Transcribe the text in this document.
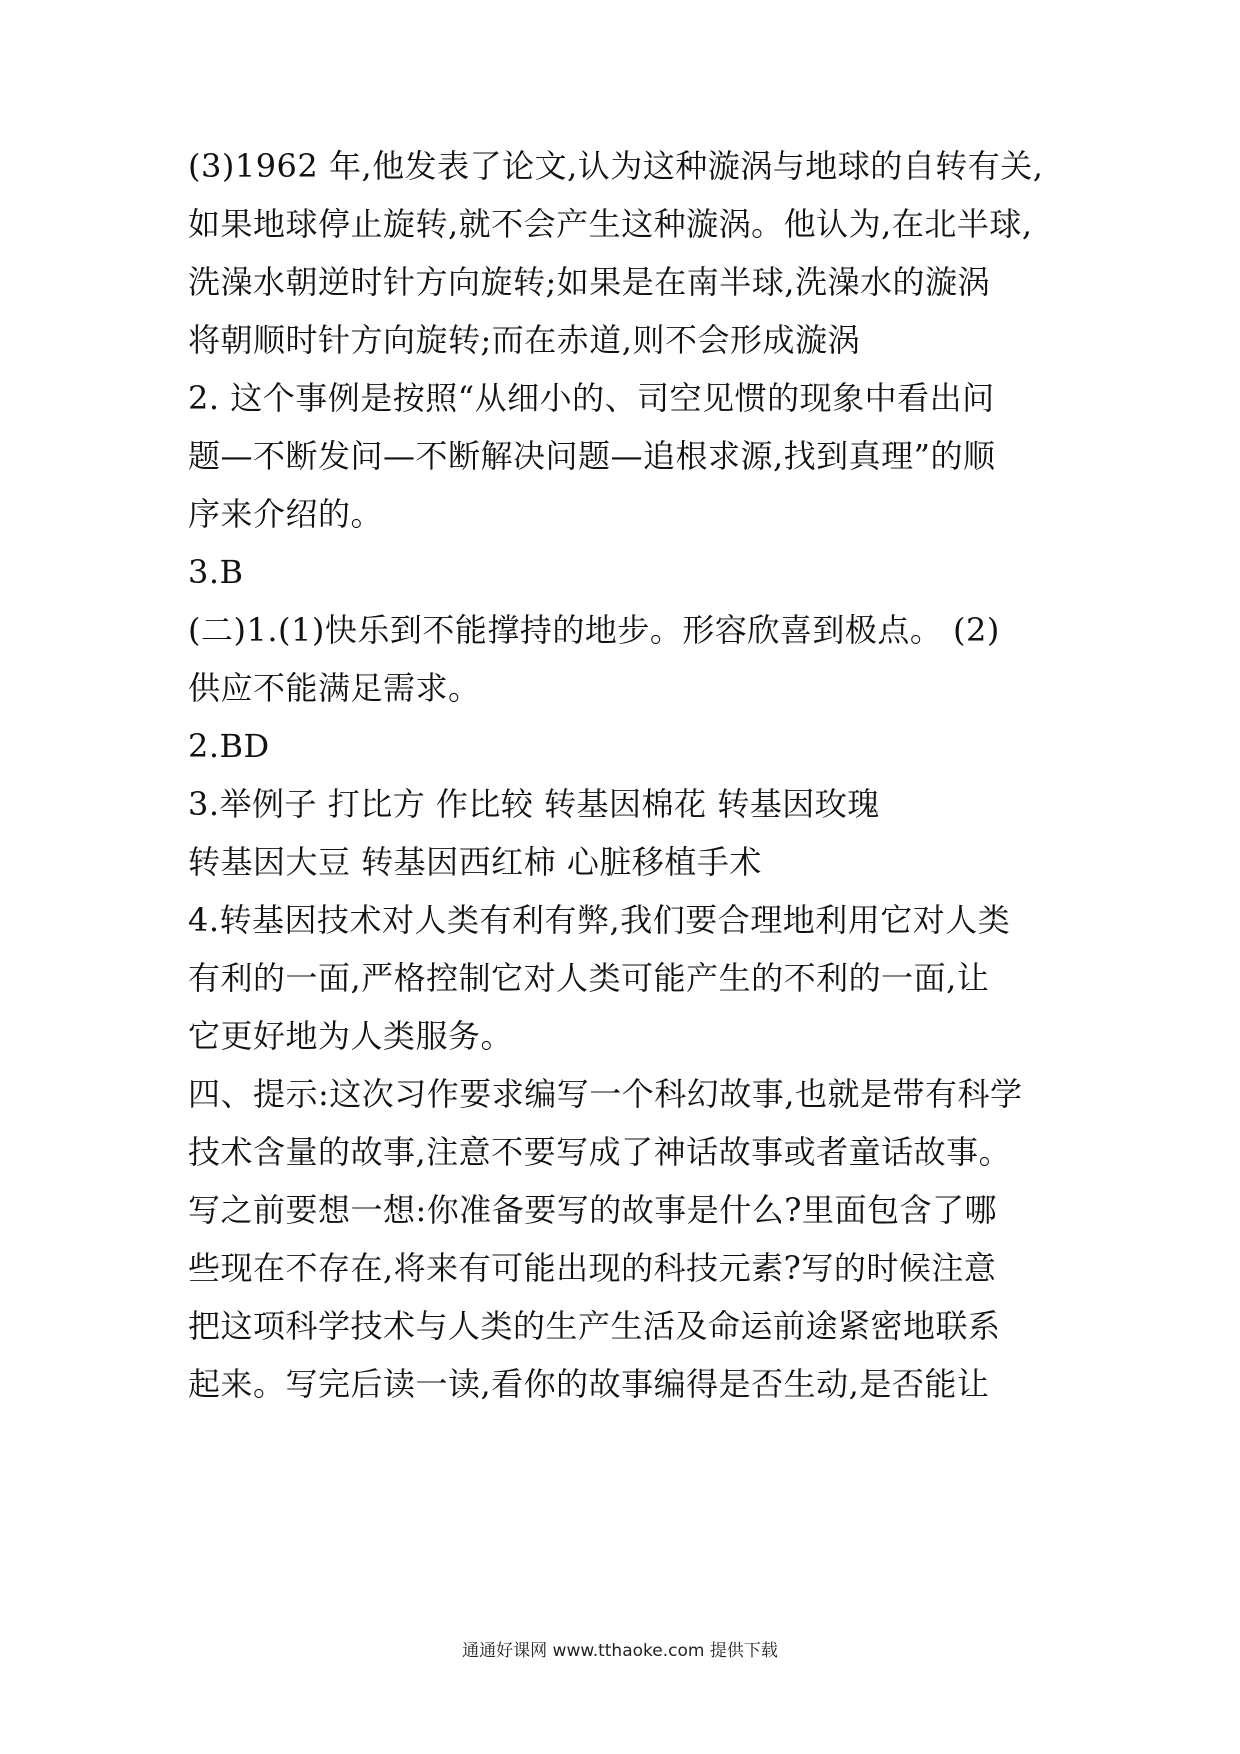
(3)1962 年,他发表了论文,认为这种漩涡与地球的自转有关,
如果地球停止旋转,就不会产生这种漩涡。他认为,在北半球,
洗澡水朝逆时针方向旋转;如果是在南半球,洗澡水的漩涡
将朝顺时针方向旋转;而在赤道,则不会形成漩涡
2. 这个事例是按照“从细小的、司空见惯的现象中看出问
题—不断发问—不断解决问题—追根求源,找到真理”的顺
序来介绍的。
3.B
(二)1.(1)快乐到不能撑持的地步。形容欣喜到极点。 (2)
供应不能满足需求。
2.BD
3.举例子 打比方 作比较 转基因棉花 转基因玫瑰
转基因大豆 转基因西红柿 心脏移植手术
4.转基因技术对人类有利有弊,我们要合理地利用它对人类
有利的一面,严格控制它对人类可能产生的不利的一面,让
它更好地为人类服务。
四、提示:这次习作要求编写一个科幻故事,也就是带有科学
技术含量的故事,注意不要写成了神话故事或者童话故事。
写之前要想一想:你准备要写的故事是什么?里面包含了哪
些现在不存在,将来有可能出现的科技元素?写的时候注意
把这项科学技术与人类的生产生活及命运前途紧密地联系
起来。写完后读一读,看你的故事编得是否生动,是否能让
通通好课网 www.tthaoke.com 提供下载
